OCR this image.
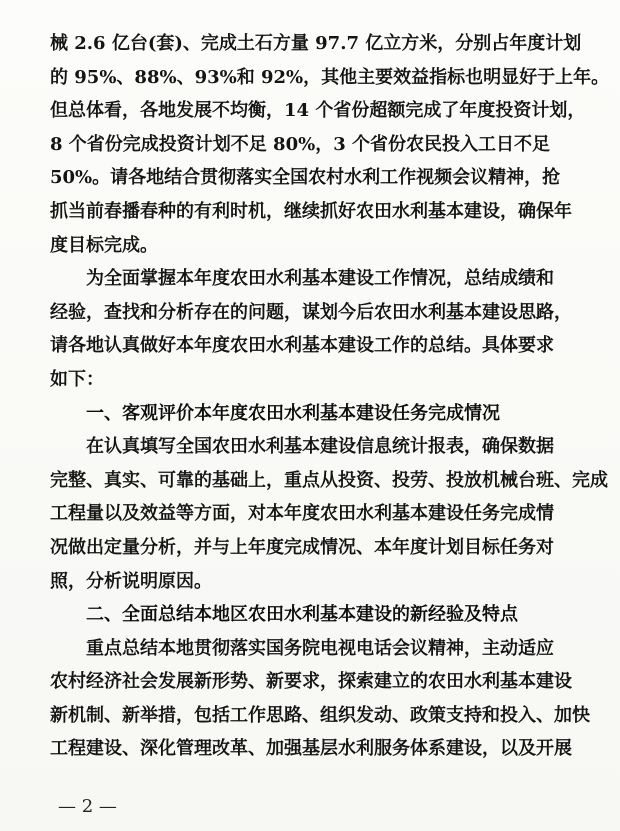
械 2.6 亿台(套)、完成土石方量 97.7 亿立方米，分别占年度计划
的 95%、88%、93%和 92%，其他主要效益指标也明显好于上年。
但总体看，各地发展不均衡，14 个省份超额完成了年度投资计划，
8 个省份完成投资计划不足 80%，3 个省份农民投入工日不足
50%。请各地结合贯彻落实全国农村水利工作视频会议精神，抢
抓当前春播春种的有利时机，继续抓好农田水利基本建设，确保年
度目标完成。
为全面掌握本年度农田水利基本建设工作情况，总结成绩和
经验，查找和分析存在的问题，谋划今后农田水利基本建设思路，
请各地认真做好本年度农田水利基本建设工作的总结。具体要求
如下：
一、客观评价本年度农田水利基本建设任务完成情况
在认真填写全国农田水利基本建设信息统计报表，确保数据
完整、真实、可靠的基础上，重点从投资、投劳、投放机械台班、完成
工程量以及效益等方面，对本年度农田水利基本建设任务完成情
况做出定量分析，并与上年度完成情况、本年度计划目标任务对
照，分析说明原因。
二、全面总结本地区农田水利基本建设的新经验及特点
重点总结本地贯彻落实国务院电视电话会议精神，主动适应
农村经济社会发展新形势、新要求，探索建立的农田水利基本建设
新机制、新举措，包括工作思路、组织发动、政策支持和投入、加快
工程建设、深化管理改革、加强基层水利服务体系建设，以及开展
— 2 —
